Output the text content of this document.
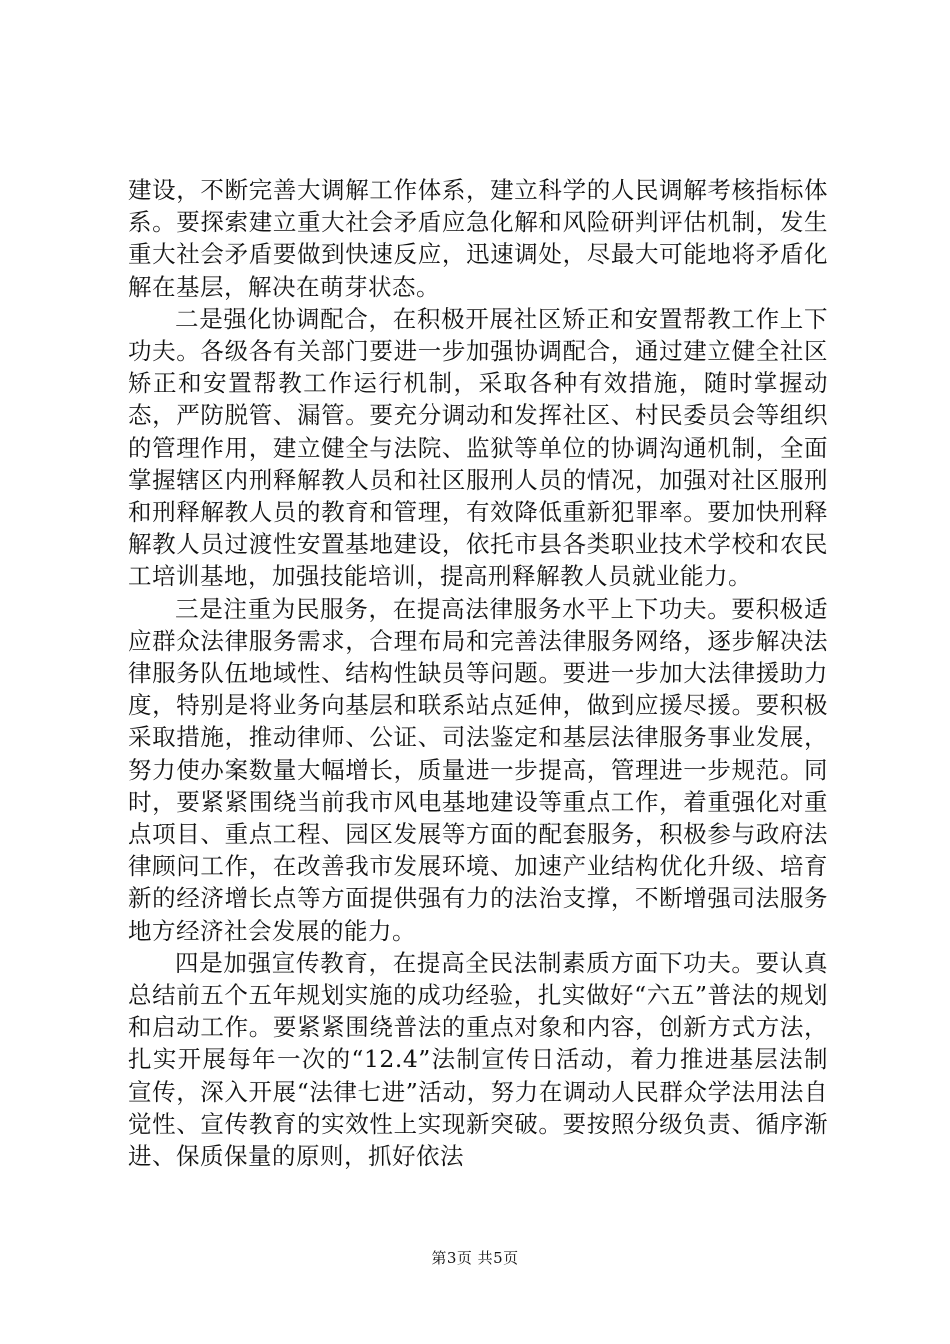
建设，不断完善大调解工作体系，建立科学的人民调解考核指标体系。要探索建立重大社会矛盾应急化解和风险研判评估机制，发生重大社会矛盾要做到快速反应，迅速调处，尽最大可能地将矛盾化解在基层，解决在萌芽状态。

二是强化协调配合，在积极开展社区矫正和安置帮教工作上下功夫。各级各有关部门要进一步加强协调配合，通过建立健全社区矫正和安置帮教工作运行机制，采取各种有效措施，随时掌握动态，严防脱管、漏管。要充分调动和发挥社区、村民委员会等组织的管理作用，建立健全与法院、监狱等单位的协调沟通机制，全面掌握辖区内刑释解教人员和社区服刑人员的情况，加强对社区服刑和刑释解教人员的教育和管理，有效降低重新犯罪率。要加快刑释解教人员过渡性安置基地建设，依托市县各类职业技术学校和农民工培训基地，加强技能培训，提高刑释解教人员就业能力。

三是注重为民服务，在提高法律服务水平上下功夫。要积极适应群众法律服务需求，合理布局和完善法律服务网络，逐步解决法律服务队伍地域性、结构性缺员等问题。要进一步加大法律援助力度，特别是将业务向基层和联系站点延伸，做到应援尽援。要积极采取措施，推动律师、公证、司法鉴定和基层法律服务事业发展，努力使办案数量大幅增长，质量进一步提高，管理进一步规范。同时，要紧紧围绕当前我市风电基地建设等重点工作，着重强化对重点项目、重点工程、园区发展等方面的配套服务，积极参与政府法律顾问工作，在改善我市发展环境、加速产业结构优化升级、培育新的经济增长点等方面提供强有力的法治支撑，不断增强司法服务地方经济社会发展的能力。

四是加强宣传教育，在提高全民法制素质方面下功夫。要认真总结前五个五年规划实施的成功经验，扎实做好“六五”普法的规划和启动工作。要紧紧围绕普法的重点对象和内容，创新方式方法，扎实开展每年一次的“12.4”法制宣传日活动，着力推进基层法制宣传，深入开展“法律七进”活动，努力在调动人民群众学法用法自觉性、宣传教育的实效性上实现新突破。要按照分级负责、循序渐进、保质保量的原则，抓好依法

第3页 共5页
